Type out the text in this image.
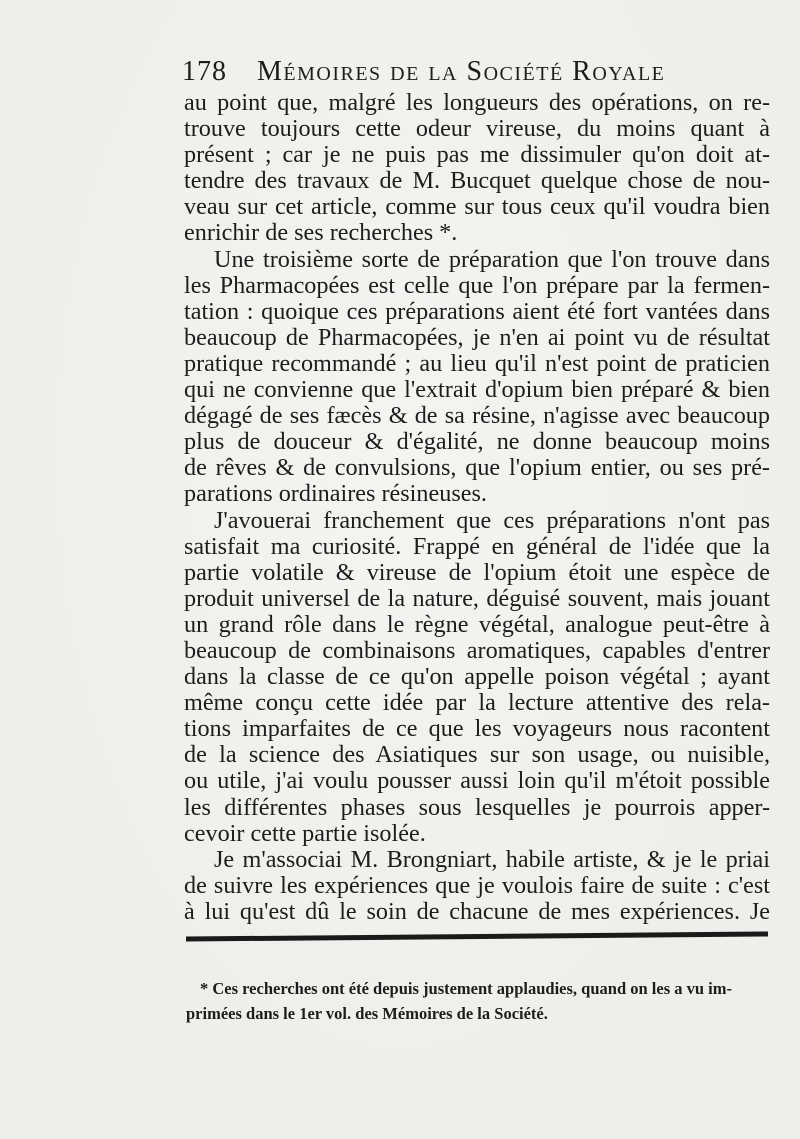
178 Mémoires de la Société Royale
au point que, malgré les longueurs des opérations, on re-
trouve toujours cette odeur vireuse, du moins quant à
présent ; car je ne puis pas me dissimuler qu'on doit at-
tendre des travaux de M. Bucquet quelque chose de nou-
veau sur cet article, comme sur tous ceux qu'il voudra bien
enrichir de ses recherches *.
Une troisième sorte de préparation que l'on trouve dans
les Pharmacopées est celle que l'on prépare par la fermen-
tation : quoique ces préparations aient été fort vantées dans
beaucoup de Pharmacopées, je n'en ai point vu de résultat
pratique recommandé ; au lieu qu'il n'est point de praticien
qui ne convienne que l'extrait d'opium bien préparé & bien
dégagé de ses fæcès & de sa résine, n'agisse avec beaucoup
plus de douceur & d'égalité, ne donne beaucoup moins
de rêves & de convulsions, que l'opium entier, ou ses pré-
parations ordinaires résineuses.
J'avouerai franchement que ces préparations n'ont pas
satisfait ma curiosité. Frappé en général de l'idée que la
partie volatile & vireuse de l'opium étoit une espèce de
produit universel de la nature, déguisé souvent, mais jouant
un grand rôle dans le règne végétal, analogue peut-être à
beaucoup de combinaisons aromatiques, capables d'entrer
dans la classe de ce qu'on appelle poison végétal ; ayant
même conçu cette idée par la lecture attentive des rela-
tions imparfaites de ce que les voyageurs nous racontent
de la science des Asiatiques sur son usage, ou nuisible,
ou utile, j'ai voulu pousser aussi loin qu'il m'étoit possible
les différentes phases sous lesquelles je pourrois apper-
cevoir cette partie isolée.
Je m'associai M. Brongniart, habile artiste, & je le priai
de suivre les expériences que je voulois faire de suite : c'est
à lui qu'est dû le soin de chacune de mes expériences. Je
* Ces recherches ont été depuis justement applaudies, quand on les a vu im-
primées dans le 1er vol. des Mémoires de la Société.
